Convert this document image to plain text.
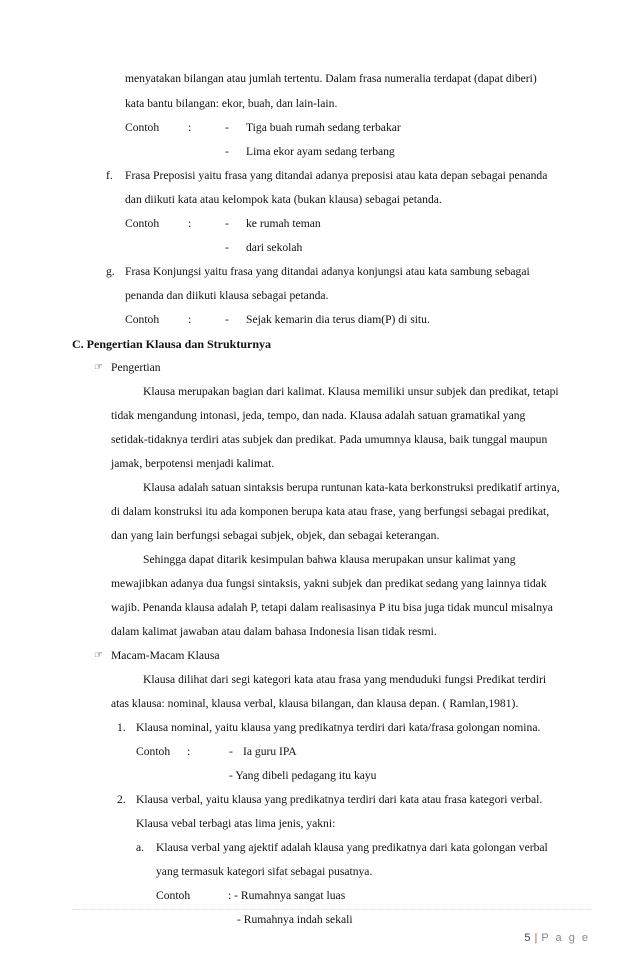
menyatakan bilangan atau jumlah tertentu. Dalam frasa numeralia terdapat (dapat diberi)
kata bantu bilangan: ekor, buah, dan lain-lain.
Contoh :	- Tiga buah rumah sedang terbakar
- Lima ekor ayam sedang terbang
f. Frasa Preposisi yaitu frasa yang ditandai adanya preposisi atau kata depan sebagai penanda
dan diikuti kata atau kelompok kata (bukan klausa) sebagai petanda.
Contoh :	- ke rumah teman
- dari sekolah
g. Frasa Konjungsi yaitu frasa yang ditandai adanya konjungsi atau kata sambung sebagai
penanda dan diikuti klausa sebagai petanda.
Contoh :	- Sejak kemarin dia terus diam(P) di situ.
C. Pengertian Klausa dan Strukturnya
☞ Pengertian
Klausa merupakan bagian dari kalimat. Klausa memiliki unsur subjek dan predikat, tetapi
tidak mengandung intonasi, jeda, tempo, dan nada. Klausa adalah satuan gramatikal yang
setidak-tidaknya terdiri atas subjek dan predikat. Pada umumnya klausa, baik tunggal maupun
jamak, berpotensi menjadi kalimat.
Klausa adalah satuan sintaksis berupa runtunan kata-kata berkonstruksi predikatif artinya,
di dalam konstruksi itu ada komponen berupa kata atau frase, yang berfungsi sebagai predikat,
dan yang lain berfungsi sebagai subjek, objek, dan sebagai keterangan.
Sehingga dapat ditarik kesimpulan bahwa klausa merupakan unsur kalimat yang
mewajibkan adanya dua fungsi sintaksis, yakni subjek dan predikat sedang yang lainnya tidak
wajib. Penanda klausa adalah P, tetapi dalam realisasinya P itu bisa juga tidak muncul misalnya
dalam kalimat jawaban atau dalam bahasa Indonesia lisan tidak resmi.
☞ Macam-Macam Klausa
Klausa dilihat dari segi kategori kata atau frasa yang menduduki fungsi Predikat terdiri
atas klausa: nominal, klausa verbal, klausa bilangan, dan klausa depan. ( Ramlan,1981).
1. Klausa nominal, yaitu klausa yang predikatnya terdiri dari kata/frasa golongan nomina.
Contoh :	- Ia guru IPA
- Yang dibeli pedagang itu kayu
2. Klausa verbal, yaitu klausa yang predikatnya terdiri dari kata atau frasa kategori verbal.
Klausa vebal terbagi atas lima jenis, yakni:
a. Klausa verbal yang ajektif adalah klausa yang predikatnya dari kata golongan verbal
yang termasuk kategori sifat sebagai pusatnya.
Contoh	: - Rumahnya sangat luas
- Rumahnya indah sekali
5 | P a g e
